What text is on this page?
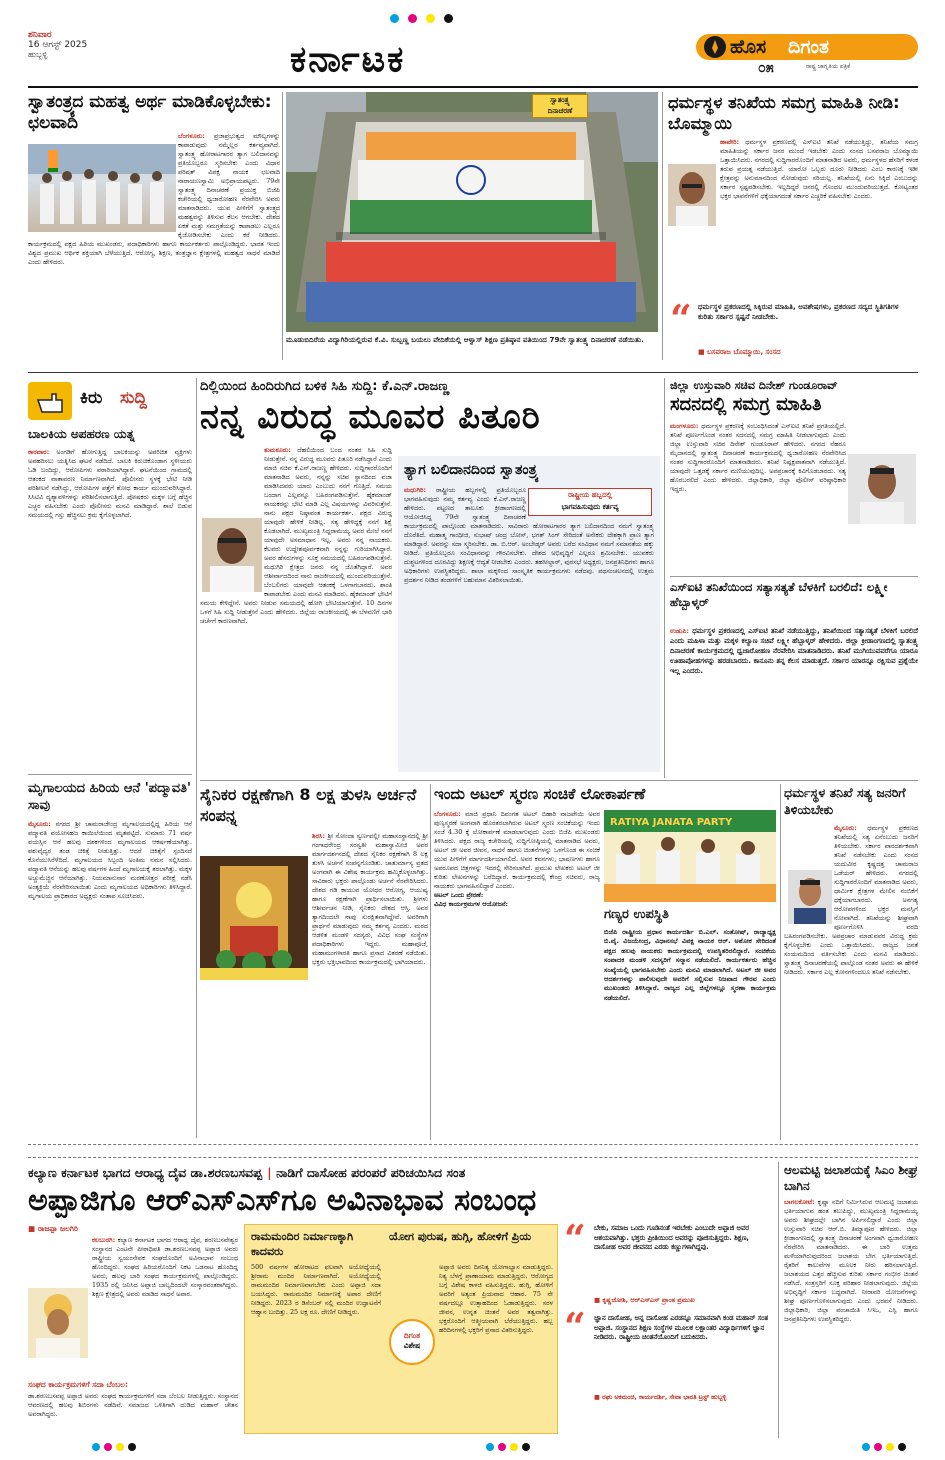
ಶನಿವಾರ
16 ಆಗಸ್ಟ್ 2025
ಹುಬ್ಬಳ್ಳಿ
	ಕರ್ನಾಟಕ	ಹೊಸ ದಿಗಂತ
ರಾಷ್ಟ್ರ ಜಾಗೃತಿಯ ಪತ್ರಿಕೆ
೦೫
ಸ್ವಾತಂತ್ರ್ಯದ ಮಹತ್ವ ಅರ್ಥ ಮಾಡಿಕೊಳ್ಳಬೇಕು: ಛಲವಾದಿ
ಬೆಂಗಳೂರು: ಪ್ರಜಾಪ್ರಭುತ್ವದ ಮೌಲ್ಯಗಳನ್ನು ಕಾಪಾಡುವುದು ನಮ್ಮೆಲ್ಲರ ಕರ್ತವ್ಯವಾಗಿದೆ. ಸ್ವಾತಂತ್ರ್ಯ ಹೋರಾಟಗಾರರ ತ್ಯಾಗ ಬಲಿದಾನವನ್ನು ಪ್ರತಿಯೊಬ್ಬರೂ ಸ್ಮರಿಸಬೇಕು ಎಂದು ವಿಧಾನ ಪರಿಷತ್ ವಿಪಕ್ಷ ನಾಯಕ ಛಲವಾದಿ ನಾರಾಯಣಸ್ವಾಮಿ ಅಭಿಪ್ರಾಯಪಟ್ಟರು. 79ನೇ ಸ್ವಾತಂತ್ರ್ಯ ದಿನಾಚರಣೆ ಪ್ರಯುಕ್ತ ಬಿಜೆಪಿ ಕಚೇರಿಯಲ್ಲಿ ಧ್ವಜಾರೋಹಣ ನೆರವೇರಿಸಿ ಅವರು ಮಾತನಾಡಿದರು. ಯುವ ಪೀಳಿಗೆಗೆ ಸ್ವಾತಂತ್ರ್ಯದ ಮಹತ್ವವನ್ನು ತಿಳಿಸುವ ಕೆಲಸ ಆಗಬೇಕು. ದೇಶದ ಏಕತೆ ಮತ್ತು ಸಮಗ್ರತೆಯನ್ನು ಕಾಪಾಡಲು ಎಲ್ಲರೂ ಕೈಜೋಡಿಸಬೇಕು ಎಂದು ಕರೆ ನೀಡಿದರು. ಕಾರ್ಯಕ್ರಮದಲ್ಲಿ ಪಕ್ಷದ ಹಿರಿಯ ಮುಖಂಡರು, ಪದಾಧಿಕಾರಿಗಳು ಹಾಗೂ ಕಾರ್ಯಕರ್ತರು ಪಾಲ್ಗೊಂಡಿದ್ದರು. ಭಾರತ ಇಂದು ವಿಶ್ವದ ಪ್ರಮುಖ ಆರ್ಥಿಕ ಶಕ್ತಿಯಾಗಿ ಬೆಳೆಯುತ್ತಿದೆ. ಆರೋಗ್ಯ, ಶಿಕ್ಷಣ, ತಂತ್ರಜ್ಞಾನ ಕ್ಷೇತ್ರಗಳಲ್ಲಿ ಮಹತ್ವದ ಸಾಧನೆ ಮಾಡಿದೆ ಎಂದು ಹೇಳಿದರು.
ಸ್ವಾತಂತ್ರ್ಯ
ದಿನಾಚರಣೆ
ಮೂಡುಬಿದಿರೆಯ ವಿದ್ಯಾಗಿರಿಯಲ್ಲಿರುವ ಕೆ.ವಿ. ಸುಬ್ಬಣ್ಣ ಬಯಲು ವೇದಿಕೆಯಲ್ಲಿ ಆಳ್ವಾಸ್ ಶಿಕ್ಷಣ ಪ್ರತಿಷ್ಠಾನ ವತಿಯಿಂದ 79ನೇ ಸ್ವಾತಂತ್ರ್ಯ ದಿನಾಚರಣೆ ನಡೆಯಿತು.
ಧರ್ಮಸ್ಥಳ ತನಿಖೆಯ ಸಮಗ್ರ ಮಾಹಿತಿ ನೀಡಿ: ಬೊಮ್ಮಾಯಿ
ಹಾವೇರಿ: ಧರ್ಮಸ್ಥಳ ಪ್ರಕರಣದಲ್ಲಿ ಎಸ್‌ಐಟಿ ತನಿಖೆ ನಡೆಯುತ್ತಿದ್ದು, ತನಿಖೆಯ ಸಮಗ್ರ ಮಾಹಿತಿಯನ್ನು ಸರ್ಕಾರ ಜನರ ಮುಂದೆ ಇಡಬೇಕು ಎಂದು ಸಂಸದ ಬಸವರಾಜ ಬೊಮ್ಮಾಯಿ ಒತ್ತಾಯಿಸಿದರು. ನಗರದಲ್ಲಿ ಸುದ್ದಿಗಾರರೊಂದಿಗೆ ಮಾತನಾಡಿದ ಅವರು, ಧರ್ಮಸ್ಥಳದ ಹೆಸರಿಗೆ ಕಳಂಕ ತರುವ ಪ್ರಯತ್ನ ನಡೆಯುತ್ತಿದೆ. ಯಾರೋ ಒಬ್ಬರು ದೂರು ನೀಡಿದರು ಎಂಬ ಕಾರಣಕ್ಕೆ ಇಡೀ ಕ್ಷೇತ್ರವನ್ನು ಅನುಮಾನದಿಂದ ನೋಡುವುದು ಸರಿಯಲ್ಲ. ತನಿಖೆಯಲ್ಲಿ ಏನು ಸಿಕ್ಕಿದೆ ಎಂಬುದನ್ನು ಸರ್ಕಾರ ಸ್ಪಷ್ಟಪಡಿಸಬೇಕು. ಇಲ್ಲದಿದ್ದರೆ ಜನರಲ್ಲಿ ಗೊಂದಲ ಮುಂದುವರಿಯುತ್ತದೆ. ಕೋಟ್ಯಂತರ ಭಕ್ತರ ಭಾವನೆಗಳಿಗೆ ಧಕ್ಕೆಯಾಗದಂತೆ ಸರ್ಕಾರ ಎಚ್ಚರಿಕೆ ವಹಿಸಬೇಕು ಎಂದರು.
“ ಧರ್ಮಸ್ಥಳ ಪ್ರಕರಣದಲ್ಲಿ ಸಿಕ್ಕಿರುವ ಮಾಹಿತಿ, ಅವಶೇಷಗಳು, ಪ್ರಕರಣದ ಸದ್ಯದ ಸ್ಥಿತಿಗತಿಗಳ ಕುರಿತು ಸರ್ಕಾರ ಸ್ಪಷ್ಟನೆ ನೀಡಬೇಕು.
■ ಬಸವರಾಜ ಬೊಮ್ಮಾಯಿ, ಸಂಸದ
ಕಿರು ಸುದ್ದಿ
ಬಾಲಕಿಯ ಅಪಹರಣ ಯತ್ನ
ಕಾರವಾರ: ಅಂಗಡಿಗೆ ಹೋಗುತ್ತಿದ್ದ ಬಾಲಕಿಯನ್ನು ಅಪರಿಚಿತ ವ್ಯಕ್ತಿಗಳು ಅಪಹರಿಸಲು ಯತ್ನಿಸಿದ ಘಟನೆ ನಡೆದಿದೆ. ಬಾಲಕಿ ಕಿರುಚಿಕೊಂಡಾಗ ಸ್ಥಳೀಯರು ಓಡಿ ಬಂದಿದ್ದು, ಆರೋಪಿಗಳು ಪರಾರಿಯಾಗಿದ್ದಾರೆ. ಘಟನೆಯಿಂದ ಗ್ರಾಮದಲ್ಲಿ ಆತಂಕದ ವಾತಾವರಣ ನಿರ್ಮಾಣವಾಗಿದೆ. ಪೊಲೀಸರು ಸ್ಥಳಕ್ಕೆ ಭೇಟಿ ನೀಡಿ ಪರಿಶೀಲನೆ ನಡೆಸಿದ್ದು, ಆರೋಪಿಗಳ ಪತ್ತೆಗೆ ಶೋಧ ಕಾರ್ಯ ಮುಂದುವರಿಸಿದ್ದಾರೆ. ಸಿಸಿಟಿವಿ ದೃಶ್ಯಾವಳಿಗಳನ್ನು ಪರಿಶೀಲಿಸಲಾಗುತ್ತಿದೆ. ಪೋಷಕರು ಮಕ್ಕಳ ಬಗ್ಗೆ ಹೆಚ್ಚಿನ ಎಚ್ಚರ ವಹಿಸಬೇಕು ಎಂದು ಪೊಲೀಸರು ಮನವಿ ಮಾಡಿದ್ದಾರೆ. ಶಾಲೆ ಬಿಡುವ ಸಮಯದಲ್ಲಿ ಗಸ್ತು ಹೆಚ್ಚಿಸಲು ಕ್ರಮ ಕೈಗೊಳ್ಳಲಾಗಿದೆ.
ಮೃಗಾಲಯದ ಹಿರಿಯ ಆನೆ 'ಪದ್ಮಾವತಿ' ಸಾವು
ಮೈಸೂರು: ನಗರದ ಶ್ರೀ ಚಾಮರಾಜೇಂದ್ರ ಮೃಗಾಲಯದಲ್ಲಿದ್ದ ಹಿರಿಯ ಆನೆ ಪದ್ಮಾವತಿ ವಯೋಸಹಜ ಕಾಯಿಲೆಯಿಂದ ಮೃತಪಟ್ಟಿದೆ. ಸುಮಾರು 71 ವರ್ಷ ವಯಸ್ಸಿನ ಆನೆ ಹಲವು ದಶಕಗಳಿಂದ ಮೃಗಾಲಯದ ಆಕರ್ಷಣೆಯಾಗಿತ್ತು. ಪಶುವೈದ್ಯರ ತಂಡ ಚಿಕಿತ್ಸೆ ನೀಡುತ್ತಿತ್ತು. ಆದರೆ ಚಿಕಿತ್ಸೆಗೆ ಸ್ಪಂದಿಸದೆ ಕೊನೆಯುಸಿರೆಳೆದಿದೆ. ಮೃಗಾಲಯದ ಸಿಬ್ಬಂದಿ ಅಂತಿಮ ನಮನ ಸಲ್ಲಿಸಿದರು. ಪದ್ಮಾವತಿ ಆನೆಯನ್ನು ಹಲವು ವರ್ಷಗಳ ಹಿಂದೆ ಮೃಗಾಲಯಕ್ಕೆ ತರಲಾಗಿತ್ತು. ಮಕ್ಕಳ ಅಚ್ಚುಮೆಚ್ಚಿನ ಆನೆಯಾಗಿತ್ತು. ನಿಯಮಾನುಸಾರ ಮರಣೋತ್ತರ ಪರೀಕ್ಷೆ ನಡೆಸಿ ಅಂತ್ಯಕ್ರಿಯೆ ನೆರವೇರಿಸಲಾಯಿತು ಎಂದು ಮೃಗಾಲಯದ ಅಧಿಕಾರಿಗಳು ತಿಳಿಸಿದ್ದಾರೆ. ಮೃಗಾಲಯ ಪ್ರಾಧಿಕಾರದ ಅಧ್ಯಕ್ಷರು ಸಂತಾಪ ಸೂಚಿಸಿದರು.
ದಿಲ್ಲಿಯಿಂದ ಹಿಂದಿರುಗಿದ ಬಳಿಕ ಸಿಹಿ ಸುದ್ದಿ: ಕೆ.ಎನ್.ರಾಜಣ್ಣ
ನನ್ನ ವಿರುದ್ಧ ಮೂವರ ಪಿತೂರಿ
ತುಮಕೂರು: ದೆಹಲಿಯಿಂದ ಬಂದ ನಂತರ ಸಿಹಿ ಸುದ್ದಿ ನೀಡುತ್ತೇನೆ. ನನ್ನ ವಿರುದ್ಧ ಮೂವರು ಪಿತೂರಿ ನಡೆಸಿದ್ದಾರೆ ಎಂದು ಮಾಜಿ ಸಚಿವ ಕೆ.ಎನ್.ರಾಜಣ್ಣ ಹೇಳಿದರು. ಸುದ್ದಿಗಾರರೊಂದಿಗೆ ಮಾತನಾಡಿದ ಅವರು, ನನ್ನನ್ನು ಸಚಿವ ಸ್ಥಾನದಿಂದ ವಜಾ ಮಾಡಿಸಿದವರು ಯಾರು ಎಂಬುದು ನನಗೆ ಗೊತ್ತಿದೆ. ಸಮಯ ಬಂದಾಗ ಎಲ್ಲವನ್ನೂ ಬಹಿರಂಗಪಡಿಸುತ್ತೇನೆ. ಹೈಕಮಾಂಡ್ ನಾಯಕರನ್ನು ಭೇಟಿ ಮಾಡಿ ಎಲ್ಲ ವಿಷಯಗಳನ್ನು ವಿವರಿಸುತ್ತೇನೆ. ನಾನು ಪಕ್ಷದ ನಿಷ್ಠಾವಂತ ಕಾರ್ಯಕರ್ತ. ಪಕ್ಷದ ವಿರುದ್ಧ ಯಾವುದೇ ಹೇಳಿಕೆ ನೀಡಿಲ್ಲ. ಸತ್ಯ ಹೇಳಿದ್ದಕ್ಕೆ ನನಗೆ ಶಿಕ್ಷೆ ಕೊಡಲಾಗಿದೆ. ಮುಖ್ಯಮಂತ್ರಿ ಸಿದ್ದರಾಮಯ್ಯ ಅವರ ಮೇಲೆ ನನಗೆ ಯಾವುದೇ ಅಸಮಾಧಾನ ಇಲ್ಲ. ಅವರು ನನ್ನ ನಾಯಕರು. ಕೆಲವರು ಉದ್ದೇಶಪೂರ್ವಕವಾಗಿ ನನ್ನನ್ನು ಗುರಿಯಾಗಿಸಿದ್ದಾರೆ. ಅವರ ಹೆಸರುಗಳನ್ನು ಸೂಕ್ತ ಸಮಯದಲ್ಲಿ ಬಹಿರಂಗಪಡಿಸುತ್ತೇನೆ. ಮಧುಗಿರಿ ಕ್ಷೇತ್ರದ ಜನರು ನನ್ನ ಜೊತೆಗಿದ್ದಾರೆ. ಅವರ ಆಶೀರ್ವಾದದಿಂದ ನಾನು ರಾಜಕೀಯದಲ್ಲಿ ಮುಂದುವರಿಯುತ್ತೇನೆ. ಬೆಂಬಲಿಗರು ಯಾವುದೇ ಆತಂಕಕ್ಕೆ ಒಳಗಾಗಬಾರದು. ಶಾಂತಿ ಕಾಪಾಡಬೇಕು ಎಂದು ಮನವಿ ಮಾಡಿದರು. ಹೈಕಮಾಂಡ್ ಭೇಟಿಗೆ ಸಮಯ ಕೇಳಿದ್ದೇನೆ. ಅವರು ನೀಡುವ ಸಮಯದಲ್ಲಿ ಹೋಗಿ ಭೇಟಿಯಾಗುತ್ತೇನೆ. 10 ದಿನಗಳ ಒಳಗೆ ಸಿಹಿ ಸುದ್ದಿ ನೀಡುತ್ತೇನೆ ಎಂದು ಹೇಳಿದರು. ಜಿಲ್ಲೆಯ ರಾಜಕೀಯದಲ್ಲಿ ಈ ಬೆಳವಣಿಗೆ ಭಾರಿ ಚರ್ಚೆಗೆ ಕಾರಣವಾಗಿದೆ.
ತ್ಯಾಗ ಬಲಿದಾನದಿಂದ ಸ್ವಾತಂತ್ರ್ಯ
ರಾಷ್ಟ್ರೀಯ ಹಬ್ಬದಲ್ಲಿ
ಭಾಗವಹಿಸುವುದು ಕರ್ತವ್ಯ
ಮಧುಗಿರಿ: ರಾಷ್ಟ್ರೀಯ ಹಬ್ಬಗಳಲ್ಲಿ ಪ್ರತಿಯೊಬ್ಬರೂ ಭಾಗವಹಿಸುವುದು ನಮ್ಮ ಕರ್ತವ್ಯ ಎಂದು ಕೆ.ಎನ್.ರಾಜಣ್ಣ ಹೇಳಿದರು. ಪಟ್ಟಣದ ತಾಲೂಕು ಕ್ರೀಡಾಂಗಣದಲ್ಲಿ ಆಯೋಜಿಸಿದ್ದ 79ನೇ ಸ್ವಾತಂತ್ರ್ಯ ದಿನಾಚರಣೆ ಕಾರ್ಯಕ್ರಮದಲ್ಲಿ ಪಾಲ್ಗೊಂಡು ಮಾತನಾಡಿದರು. ಸಾವಿರಾರು ಹೋರಾಟಗಾರರ ತ್ಯಾಗ ಬಲಿದಾನದಿಂದ ನಮಗೆ ಸ್ವಾತಂತ್ರ್ಯ ದೊರೆತಿದೆ. ಮಹಾತ್ಮ ಗಾಂಧೀಜಿ, ಸುಭಾಷ್ ಚಂದ್ರ ಬೋಸ್, ಭಗತ್ ಸಿಂಗ್ ಸೇರಿದಂತೆ ಅನೇಕರು ದೇಶಕ್ಕಾಗಿ ಪ್ರಾಣ ತ್ಯಾಗ ಮಾಡಿದ್ದಾರೆ. ಅವರನ್ನು ಸದಾ ಸ್ಮರಿಸಬೇಕು. ಡಾ. ಬಿ.ಆರ್. ಅಂಬೇಡ್ಕರ್ ಅವರು ಬರೆದ ಸಂವಿಧಾನ ನಮಗೆ ಸಮಾನತೆಯ ಹಕ್ಕು ನೀಡಿದೆ. ಪ್ರತಿಯೊಬ್ಬರೂ ಸಂವಿಧಾನವನ್ನು ಗೌರವಿಸಬೇಕು. ದೇಶದ ಅಭಿವೃದ್ಧಿಗೆ ಎಲ್ಲರೂ ಶ್ರಮಿಸಬೇಕು. ಯುವಕರು ದುಶ್ಚಟಗಳಿಂದ ದೂರವಿದ್ದು ಶಿಕ್ಷಣಕ್ಕೆ ಆದ್ಯತೆ ನೀಡಬೇಕು ಎಂದರು. ತಹಸೀಲ್ದಾರ್, ಪುರಸಭೆ ಅಧ್ಯಕ್ಷರು, ಜನಪ್ರತಿನಿಧಿಗಳು ಹಾಗೂ ಅಧಿಕಾರಿಗಳು ಉಪಸ್ಥಿತರಿದ್ದರು. ಶಾಲಾ ಮಕ್ಕಳಿಂದ ಸಾಂಸ್ಕೃತಿಕ ಕಾರ್ಯಕ್ರಮಗಳು ನಡೆದವು. ಪಥಸಂಚಲನದಲ್ಲಿ ಉತ್ತಮ ಪ್ರದರ್ಶನ ನೀಡಿದ ತಂಡಗಳಿಗೆ ಬಹುಮಾನ ವಿತರಿಸಲಾಯಿತು.
ಜಿಲ್ಲಾ ಉಸ್ತುವಾರಿ ಸಚಿವ ದಿನೇಶ್ ಗುಂಡೂರಾವ್
ಸದನದಲ್ಲಿ ಸಮಗ್ರ ಮಾಹಿತಿ
ಮಂಗಳೂರು: ಧರ್ಮಸ್ಥಳ ಪ್ರಕರಣಕ್ಕೆ ಸಂಬಂಧಿಸಿದಂತೆ ಎಸ್‌ಐಟಿ ತನಿಖೆ ಪ್ರಗತಿಯಲ್ಲಿದೆ. ತನಿಖೆ ಪೂರ್ಣಗೊಂಡ ನಂತರ ಸದನದಲ್ಲಿ ಸಮಗ್ರ ಮಾಹಿತಿ ನೀಡಲಾಗುವುದು ಎಂದು ಜಿಲ್ಲಾ ಉಸ್ತುವಾರಿ ಸಚಿವ ದಿನೇಶ್ ಗುಂಡೂರಾವ್ ಹೇಳಿದರು. ನಗರದ ನೆಹರೂ ಮೈದಾನದಲ್ಲಿ ಸ್ವಾತಂತ್ರ್ಯ ದಿನಾಚರಣೆ ಕಾರ್ಯಕ್ರಮದಲ್ಲಿ ಧ್ವಜಾರೋಹಣ ನೆರವೇರಿಸಿದ ನಂತರ ಸುದ್ದಿಗಾರರೊಂದಿಗೆ ಮಾತನಾಡಿದರು. ತನಿಖೆ ನಿಷ್ಪಕ್ಷಪಾತವಾಗಿ ನಡೆಯುತ್ತಿದೆ. ಯಾವುದೇ ಒತ್ತಡಕ್ಕೆ ಸರ್ಕಾರ ಮಣಿಯುವುದಿಲ್ಲ. ಅಪಪ್ರಚಾರಕ್ಕೆ ಕಿವಿಗೊಡಬಾರದು. ಸತ್ಯ ಹೊರಬರಲಿದೆ ಎಂದು ಹೇಳಿದರು. ಜಿಲ್ಲಾಧಿಕಾರಿ, ಜಿಲ್ಲಾ ಪೊಲೀಸ್ ವರಿಷ್ಠಾಧಿಕಾರಿ ಇದ್ದರು.
ಎಸ್‌ಐಟಿ ತನಿಖೆಯಿಂದ ಸತ್ಯಾಸತ್ಯತೆ ಬೆಳಕಿಗೆ ಬರಲಿದೆ: ಲಕ್ಷ್ಮೀ ಹೆಬ್ಬಾಳ್ಕರ್
ಉಡುಪಿ: ಧರ್ಮಸ್ಥಳ ಪ್ರಕರಣದಲ್ಲಿ ಎಸ್‌ಐಟಿ ತನಿಖೆ ನಡೆಯುತ್ತಿದ್ದು, ತನಿಖೆಯಿಂದ ಸತ್ಯಾಸತ್ಯತೆ ಬೆಳಕಿಗೆ ಬರಲಿದೆ ಎಂದು ಮಹಿಳಾ ಮತ್ತು ಮಕ್ಕಳ ಕಲ್ಯಾಣ ಸಚಿವೆ ಲಕ್ಷ್ಮೀ ಹೆಬ್ಬಾಳ್ಕರ್ ಹೇಳಿದರು. ಜಿಲ್ಲಾ ಕ್ರೀಡಾಂಗಣದಲ್ಲಿ ಸ್ವಾತಂತ್ರ್ಯ ದಿನಾಚರಣೆ ಕಾರ್ಯಕ್ರಮದಲ್ಲಿ ಧ್ವಜಾರೋಹಣ ನೆರವೇರಿಸಿ ಮಾತನಾಡಿದರು. ತನಿಖೆ ಮುಗಿಯುವವರೆಗೂ ಯಾರೂ ಊಹಾಪೋಹಗಳನ್ನು ಹರಡಬಾರದು. ಕಾನೂನು ತನ್ನ ಕೆಲಸ ಮಾಡುತ್ತದೆ. ಸರ್ಕಾರ ಯಾರನ್ನೂ ರಕ್ಷಿಸುವ ಪ್ರಶ್ನೆಯೇ ಇಲ್ಲ ಎಂದರು.
ಸೈನಿಕರ ರಕ್ಷಣೆಗಾಗಿ 8 ಲಕ್ಷ ತುಳಸಿ ಅರ್ಚನೆ ಸಂಪನ್ನ
ಶಿರಸಿ: ಶ್ರೀ ಸೋಂದಾ ಸ್ವರ್ಣವಲ್ಲೀ ಮಹಾಸಂಸ್ಥಾನದಲ್ಲಿ ಶ್ರೀ ಗಂಗಾಧರೇಂದ್ರ ಸರಸ್ವತೀ ಮಹಾಸ್ವಾಮೀಜಿ ಅವರ ಮಾರ್ಗದರ್ಶನದಲ್ಲಿ ದೇಶದ ಸೈನಿಕರ ರಕ್ಷಣೆಗಾಗಿ 8 ಲಕ್ಷ ತುಳಸಿ ಅರ್ಚನೆ ಸಂಪನ್ನಗೊಂಡಿತು. ಚಾತುರ್ಮಾಸ್ಯ ವ್ರತದ ಅಂಗವಾಗಿ ಈ ವಿಶೇಷ ಕಾರ್ಯಕ್ರಮ ಹಮ್ಮಿಕೊಳ್ಳಲಾಗಿತ್ತು. ಸಾವಿರಾರು ಭಕ್ತರು ಪಾಲ್ಗೊಂಡು ಅರ್ಚನೆ ನೆರವೇರಿಸಿದರು. ದೇಶದ ಗಡಿ ಕಾಯುವ ಯೋಧರ ಆರೋಗ್ಯ, ಆಯುಷ್ಯ ಹಾಗೂ ರಕ್ಷಣೆಗಾಗಿ ಪ್ರಾರ್ಥಿಸಲಾಯಿತು. ಶ್ರೀಗಳು ಆಶೀರ್ವಚನ ನೀಡಿ, ಸೈನಿಕರು ದೇಶದ ಆಸ್ತಿ. ಅವರ ತ್ಯಾಗದಿಂದಲೇ ನಾವು ಸುರಕ್ಷಿತವಾಗಿದ್ದೇವೆ. ಅವರಿಗಾಗಿ ಪ್ರಾರ್ಥನೆ ಮಾಡುವುದು ನಮ್ಮ ಕರ್ತವ್ಯ ಎಂದರು. ಮಠದ ಆಡಳಿತ ಮಂಡಳಿ ಸದಸ್ಯರು, ವಿವಿಧ ಸಂಘ ಸಂಸ್ಥೆಗಳ ಪದಾಧಿಕಾರಿಗಳು ಇದ್ದರು. ಮಹಾಪೂಜೆ, ಮಹಾಮಂಗಳಾರತಿ ಹಾಗೂ ಪ್ರಸಾದ ವಿತರಣೆ ನಡೆಯಿತು. ಭಕ್ತರು ಭಕ್ತಿಭಾವದಿಂದ ಕಾರ್ಯಕ್ರಮದಲ್ಲಿ ಭಾಗಿಯಾದರು.
ಇಂದು ಅಟಲ್ ಸ್ಮರಣ ಸಂಚಿಕೆ ಲೋಕಾರ್ಪಣೆ
RATIYA JANATA PARTY
ಬೆಂಗಳೂರು: ಮಾಜಿ ಪ್ರಧಾನಿ ದಿವಂಗತ ಅಟಲ್ ಬಿಹಾರಿ ವಾಜಪೇಯಿ ಅವರ ಪುಣ್ಯಸ್ಮರಣೆ ಅಂಗವಾಗಿ ಹೊರತರಲಾಗಿರುವ ಅಟಲ್ ಸ್ಮರಣ ಸಂಚಿಕೆಯನ್ನು ಇಂದು ಸಂಜೆ 4.30 ಕ್ಕೆ ಲೋಕಾರ್ಪಣೆ ಮಾಡಲಾಗುವುದು ಎಂದು ಬಿಜೆಪಿ ಮುಖಂಡರು ತಿಳಿಸಿದರು. ಪಕ್ಷದ ರಾಜ್ಯ ಕಚೇರಿಯಲ್ಲಿ ಸುದ್ದಿಗೋಷ್ಠಿಯಲ್ಲಿ ಮಾತನಾಡಿದ ಅವರು, ಅಟಲ್ ಜೀ ಅವರ ಜೀವನ, ಸಾಧನೆ ಹಾಗೂ ಚಿಂತನೆಗಳನ್ನು ಒಳಗೊಂಡ ಈ ಸಂಚಿಕೆ ಯುವ ಪೀಳಿಗೆಗೆ ಮಾರ್ಗದರ್ಶಿಯಾಗಲಿದೆ. ಅವರ ಕವನಗಳು, ಭಾಷಣಗಳು ಹಾಗೂ ಅಪರೂಪದ ಚಿತ್ರಗಳನ್ನು ಇದರಲ್ಲಿ ಸೇರಿಸಲಾಗಿದೆ. ಪ್ರಮುಖ ಲೇಖಕರು ಅಟಲ್ ಜೀ ಕುರಿತು ಲೇಖನಗಳನ್ನು ಬರೆದಿದ್ದಾರೆ. ಕಾರ್ಯಕ್ರಮದಲ್ಲಿ ಕೇಂದ್ರ ಸಚಿವರು, ರಾಜ್ಯ ನಾಯಕರು ಭಾಗವಹಿಸಲಿದ್ದಾರೆ ಎಂದರು.
ಅಟಲ್ ಒಂದು ಪ್ರೇರಣೆ:
ವಿವಿಧ ಕಾರ್ಯಕ್ರಮಗಳ ಆಯೋಜನೆ:
ಗಣ್ಯರ ಉಪಸ್ಥಿತಿ
ಬಿಜೆಪಿ ರಾಷ್ಟ್ರೀಯ ಪ್ರಧಾನ ಕಾರ್ಯದರ್ಶಿ ಬಿ.ಎಲ್. ಸಂತೋಷ್, ರಾಜ್ಯಾಧ್ಯಕ್ಷ ಬಿ.ವೈ. ವಿಜಯೇಂದ್ರ, ವಿಧಾನಸಭೆ ವಿಪಕ್ಷ ನಾಯಕ ಆರ್. ಅಶೋಕ ಸೇರಿದಂತೆ ಪಕ್ಷದ ಹಲವು ನಾಯಕರು ಕಾರ್ಯಕ್ರಮದಲ್ಲಿ ಉಪಸ್ಥಿತರಿರಲಿದ್ದಾರೆ. ಸಂಚಿಕೆಯ ಸಂಪಾದಕ ಮಂಡಳಿ ಸದಸ್ಯರಿಗೆ ಸನ್ಮಾನ ನಡೆಯಲಿದೆ. ಕಾರ್ಯಕರ್ತರು ಹೆಚ್ಚಿನ ಸಂಖ್ಯೆಯಲ್ಲಿ ಭಾಗವಹಿಸಬೇಕು ಎಂದು ಮನವಿ ಮಾಡಲಾಗಿದೆ. ಅಟಲ್ ಜೀ ಅವರ ಆದರ್ಶಗಳನ್ನು ಪಾಲಿಸುವುದೇ ಅವರಿಗೆ ಸಲ್ಲಿಸುವ ನಿಜವಾದ ಗೌರವ ಎಂದು ಮುಖಂಡರು ತಿಳಿಸಿದ್ದಾರೆ. ರಾಜ್ಯದ ಎಲ್ಲ ಜಿಲ್ಲೆಗಳಲ್ಲೂ ಸ್ಮರಣಾ ಕಾರ್ಯಕ್ರಮ ನಡೆಯಲಿದೆ.
ಧರ್ಮಸ್ಥಳ ತನಿಖೆ ಸತ್ಯ ಜನರಿಗೆ ತಿಳಿಯಬೇಕು
ಮೈಸೂರು: ಧರ್ಮಸ್ಥಳ ಪ್ರಕರಣದ ತನಿಖೆಯಲ್ಲಿ ಸತ್ಯ ಏನೆಂಬುದು ಜನರಿಗೆ ತಿಳಿಯಬೇಕು. ಸರ್ಕಾರ ಪಾರದರ್ಶಕವಾಗಿ ತನಿಖೆ ನಡೆಸಬೇಕು ಎಂದು ಸಂಸದ ಯದುವೀರ ಕೃಷ್ಣದತ್ತ ಚಾಮರಾಜ ಒಡೆಯರ್ ಹೇಳಿದರು. ನಗರದಲ್ಲಿ ಸುದ್ದಿಗಾರರೊಂದಿಗೆ ಮಾತನಾಡಿದ ಅವರು, ಧಾರ್ಮಿಕ ಕ್ಷೇತ್ರಗಳ ಮೇಲಿನ ನಂಬಿಕೆಗೆ ಧಕ್ಕೆಯಾಗಬಾರದು. ಅನಗತ್ಯ ಆರೋಪಗಳಿಂದ ಭಕ್ತರ ಮನಸ್ಸಿಗೆ ನೋವಾಗಿದೆ. ತನಿಖೆಯನ್ನು ಶೀಘ್ರವಾಗಿ ಪೂರ್ಣಗೊಳಿಸಿ ವರದಿ ಬಹಿರಂಗಪಡಿಸಬೇಕು. ಅಪಪ್ರಚಾರ ಮಾಡುವವರ ವಿರುದ್ಧ ಕ್ರಮ ಕೈಗೊಳ್ಳಬೇಕು ಎಂದು ಒತ್ತಾಯಿಸಿದರು. ರಾಜ್ಯದ ಜನತೆ ಸಂಯಮದಿಂದ ವರ್ತಿಸಬೇಕು ಎಂದು ಮನವಿ ಮಾಡಿದರು. ಸ್ವಾತಂತ್ರ್ಯ ದಿನಾಚರಣೆಯಲ್ಲಿ ಪಾಲ್ಗೊಂಡ ನಂತರ ಅವರು ಈ ಹೇಳಿಕೆ ನೀಡಿದರು. ಸರ್ಕಾರ ಎಲ್ಲ ಕೋನಗಳಿಂದಲೂ ತನಿಖೆ ನಡೆಸಬೇಕು.
ಕಲ್ಯಾಣ ಕರ್ನಾಟಕ ಭಾಗದ ಆರಾಧ್ಯ ದೈವ ಡಾ.ಶರಣಬಸವಪ್ಪ | ನಾಡಿಗೆ ದಾಸೋಹ ಪರಂಪರೆ ಪರಿಚಯಿಸಿದ ಸಂತ
ಅಪ್ಪಾಜಿಗೂ ಆರ್‌ಎಸ್‌ಎಸ್‌ಗೂ ಅವಿನಾಭಾವ ಸಂಬಂಧ
■ ರಾಜಪ್ಪಾ ಜಲಗಿರಿ
ಕಲಬುರಗಿ: ಕಲ್ಯಾಣ ಕರ್ನಾಟಕ ಭಾಗದ ಆರಾಧ್ಯ ದೈವ, ಶರಣಬಸವೇಶ್ವರ ಸಂಸ್ಥಾನದ ಎಂಟನೇ ಪೀಠಾಧಿಪತಿ ಡಾ.ಶರಣಬಸವಪ್ಪ ಅಪ್ಪಾಜಿ ಅವರು ರಾಷ್ಟ್ರೀಯ ಸ್ವಯಂಸೇವಕ ಸಂಘದೊಂದಿಗೆ ಅವಿನಾಭಾವ ಸಂಬಂಧ ಹೊಂದಿದ್ದರು. ಸಂಘದ ಹಿರಿಯರೊಂದಿಗೆ ನಿಕಟ ಒಡನಾಟ ಹೊಂದಿದ್ದ ಅವರು, ಹಲವು ಬಾರಿ ಸಂಘದ ಕಾರ್ಯಕ್ರಮಗಳಲ್ಲಿ ಪಾಲ್ಗೊಂಡಿದ್ದರು. 1935 ರಲ್ಲಿ ಜನಿಸಿದ ಅಪ್ಪಾಜಿ ಬಾಲ್ಯದಿಂದಲೇ ಸಂಸ್ಕಾರವಂತರಾಗಿದ್ದರು. ಶಿಕ್ಷಣ ಕ್ಷೇತ್ರದಲ್ಲಿ ಅವರು ಮಾಡಿದ ಸಾಧನೆ ಅಪಾರ.
ಸಂಘದ ಕಾರ್ಯಕ್ರಮಗಳಿಗೆ ಸದಾ ಬೆಂಬಲ:
ಡಾ.ಶರಣಬಸವಪ್ಪ ಅಪ್ಪಾಜಿ ಅವರು ಸಂಘದ ಕಾರ್ಯಕ್ರಮಗಳಿಗೆ ಸದಾ ಬೆಂಬಲ ನೀಡುತ್ತಿದ್ದರು. ಸಂಸ್ಥಾನದ ಆವರಣದಲ್ಲಿ ಹಲವು ಶಿಬಿರಗಳು ನಡೆದಿವೆ. ಸಮಾಜದ ಒಳಿತಿಗಾಗಿ ದುಡಿದ ಮಹಾನ್ ಚೇತನ ಅವರಾಗಿದ್ದರು.
ರಾಮಮಂದಿರ ನಿರ್ಮಾಣಕ್ಕಾಗಿ ಕಾದವರು
500 ವರ್ಷಗಳ ಹೋರಾಟದ ಫಲವಾಗಿ ಅಯೋಧ್ಯೆಯಲ್ಲಿ ಶ್ರೀರಾಮ ಮಂದಿರ ನಿರ್ಮಾಣವಾಗಿದೆ. ಅಯೋಧ್ಯೆಯಲ್ಲಿ ರಾಮಮಂದಿರ ನಿರ್ಮಾಣವಾಗಬೇಕು ಎಂದು ಅಪ್ಪಾಜಿ ಸದಾ ಬಯಸಿದ್ದರು. ರಾಮಮಂದಿರ ನಿರ್ಮಾಣಕ್ಕೆ ಅಪಾರ ದೇಣಿಗೆ ನೀಡಿದ್ದರು. 2023 ರ ಡಿಸೆಂಬರ್ ನಲ್ಲಿ ಮಂದಿರ ಉದ್ಘಾಟನೆಗೆ ಆಹ್ವಾನ ಬಂದಿತ್ತು. 25 ಲಕ್ಷ ರೂ. ದೇಣಿಗೆ ನೀಡಿದ್ದರು.
ಯೋಗ ಪುರುಷ, ಹುಗ್ಗಿ, ಹೋಳಿಗೆ ಪ್ರಿಯ
ಅಪ್ಪಾಜಿ ಅವರು ದಿನನಿತ್ಯ ಯೋಗಾಭ್ಯಾಸ ಮಾಡುತ್ತಿದ್ದರು. ನಿತ್ಯ ಬೆಳಗ್ಗೆ ಪ್ರಾಣಾಯಾಮ ಮಾಡುತ್ತಿದ್ದರು. ಆರೋಗ್ಯದ ಬಗ್ಗೆ ವಿಶೇಷ ಕಾಳಜಿ ವಹಿಸುತ್ತಿದ್ದರು. ಹುಗ್ಗಿ, ಹೋಳಿಗೆ ಅವರಿಗೆ ಅತ್ಯಂತ ಪ್ರಿಯವಾದ ಆಹಾರ. 75 ನೇ ವರ್ಷದಲ್ಲೂ ಉತ್ಸಾಹದಿಂದ ಓಡಾಡುತ್ತಿದ್ದರು. ಸರಳ ಜೀವನ, ಉನ್ನತ ಚಿಂತನೆ ಅವರ ತತ್ವವಾಗಿತ್ತು. ಭಕ್ತರೊಂದಿಗೆ ಆತ್ಮೀಯವಾಗಿ ಬೆರೆಯುತ್ತಿದ್ದರು. ಹಬ್ಬ ಹರಿದಿನಗಳಲ್ಲಿ ಭಕ್ತರಿಗೆ ಪ್ರಸಾದ ವಿತರಿಸುತ್ತಿದ್ದರು.
ದಿಗಂತ
ವಿಶೇಷ
“ ಬೇಕು, ಸಮಾಜ ಒಂದು ಗೂಡಿನಂತೆ ಇರಬೇಕು ಎಂಬುದೇ ಅಪ್ಪಾಜಿ ಅವರ ಆಶಯವಾಗಿತ್ತು. ಭಕ್ತರು ಪ್ರೀತಿಯಿಂದ ಅವರನ್ನು ಪೂಜಿಸುತ್ತಿದ್ದರು. ಶಿಕ್ಷಣ, ದಾಸೋಹ ಅವರ ಜೀವನದ ಎರಡು ಕಣ್ಣುಗಳಾಗಿದ್ದವು.
■ ಕೃಷ್ಣಜೋಶಿ, ಆರ್‌ಎಸ್‌ಎಸ್ ಪ್ರಾಂತ ಪ್ರಮುಖ
“ ಜ್ಞಾನ ದಾಸೋಹ, ಅನ್ನ ದಾಸೋಹ ಎರಡನ್ನೂ ಸಮಾನವಾಗಿ ಕಂಡ ಮಹಾನ್ ಸಂತ ಅಪ್ಪಾಜಿ. ಸಂಸ್ಥಾನದ ಶಿಕ್ಷಣ ಸಂಸ್ಥೆಗಳ ಮೂಲಕ ಲಕ್ಷಾಂತರ ವಿದ್ಯಾರ್ಥಿಗಳಿಗೆ ಜ್ಞಾನ ನೀಡಿದರು. ರಾಷ್ಟ್ರೀಯ ಚಿಂತನೆಯೊಂದಿಗೆ ಬದುಕಿದರು.
■ ರಘು ಅಕಮಂಚಿ, ಕಾರ್ಯದರ್ಶಿ, ಸೇವಾ ಭಾರತಿ ಟ್ರಸ್ಟ್ ಹುಬ್ಬಳ್ಳಿ
ಆಲಮಟ್ಟಿ ಜಲಾಶಯಕ್ಕೆ ಸಿಎಂ ಶೀಘ್ರ ಬಾಗಿನ
ಬಾಗಲಕೋಟೆ: ಕೃಷ್ಣಾ ನದಿಗೆ ನಿರ್ಮಿಸಿರುವ ಆಲಮಟ್ಟಿ ಜಲಾಶಯ ಭರ್ತಿಯಾಗುವ ಹಂತ ತಲುಪಿದ್ದು, ಮುಖ್ಯಮಂತ್ರಿ ಸಿದ್ದರಾಮಯ್ಯ ಅವರು ಶೀಘ್ರದಲ್ಲೇ ಬಾಗಿನ ಅರ್ಪಿಸಲಿದ್ದಾರೆ ಎಂದು ಜಿಲ್ಲಾ ಉಸ್ತುವಾರಿ ಸಚಿವ ಆರ್.ಬಿ. ತಿಮ್ಮಾಪೂರ ಹೇಳಿದರು. ಜಿಲ್ಲಾ ಕ್ರೀಡಾಂಗಣದಲ್ಲಿ ಸ್ವಾತಂತ್ರ್ಯ ದಿನಾಚರಣೆ ಅಂಗವಾಗಿ ಧ್ವಜಾರೋಹಣ ನೆರವೇರಿಸಿ ಮಾತನಾಡಿದರು. ಈ ಬಾರಿ ಉತ್ತಮ ಮಳೆಯಾಗಿರುವುದರಿಂದ ಜಲಾಶಯ ಬೇಗ ಭರ್ತಿಯಾಗುತ್ತಿದೆ. ರೈತರಿಗೆ ಕಾಲುವೆಗಳ ಮೂಲಕ ನೀರು ಹರಿಸಲಾಗುತ್ತಿದೆ. ಜಲಾಶಯದ ಎತ್ತರ ಹೆಚ್ಚಿಸುವ ಕುರಿತು ಸರ್ಕಾರ ಗಂಭೀರ ಚಿಂತನೆ ನಡೆಸಿದೆ. ಸಂತ್ರಸ್ತರಿಗೆ ಸೂಕ್ತ ಪರಿಹಾರ ನೀಡಲಾಗುವುದು. ಜಿಲ್ಲೆಯ ಅಭಿವೃದ್ಧಿಗೆ ಸರ್ಕಾರ ಬದ್ಧವಾಗಿದೆ. ನೀರಾವರಿ ಯೋಜನೆಗಳನ್ನು ಶೀಘ್ರ ಪೂರ್ಣಗೊಳಿಸಲಾಗುವುದು ಎಂದು ಭರವಸೆ ನೀಡಿದರು. ಜಿಲ್ಲಾಧಿಕಾರಿ, ಜಿಲ್ಲಾ ಪಂಚಾಯಿತಿ ಸಿಇಒ, ಎಸ್ಪಿ ಹಾಗೂ ಜನಪ್ರತಿನಿಧಿಗಳು ಉಪಸ್ಥಿತರಿದ್ದರು.
